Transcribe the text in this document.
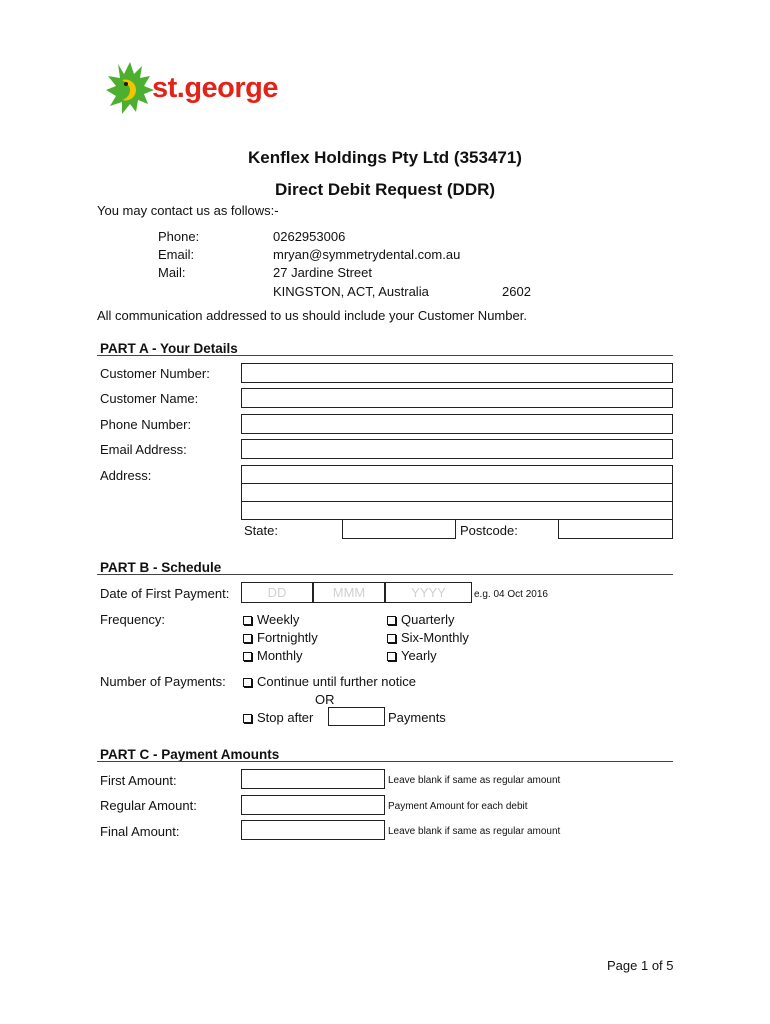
st.george
Kenflex Holdings Pty Ltd (353471)
Direct Debit Request (DDR)
You may contact us as follows:-
Phone:	0262953006
Email:	mryan@symmetrydental.com.au
Mail:	27 Jardine Street
KINGSTON, ACT, Australia	2602
All communication addressed to us should include your Customer Number.
PART A - Your Details
Customer Number:
Customer Name:
Phone Number:
Email Address:
Address:
State:	Postcode:
PART B - Schedule
Date of First Payment:	DD	MMM	YYYY	e.g. 04 Oct 2016
Frequency:	Weekly
Fortnightly
Monthly
Quarterly
Six-Monthly
Yearly
Number of Payments:	Continue until further notice
OR
Stop after	Payments
PART C - Payment Amounts
First Amount:	Leave blank if same as regular amount
Regular Amount:	Payment Amount for each debit
Final Amount:	Leave blank if same as regular amount
Page 1 of 5
